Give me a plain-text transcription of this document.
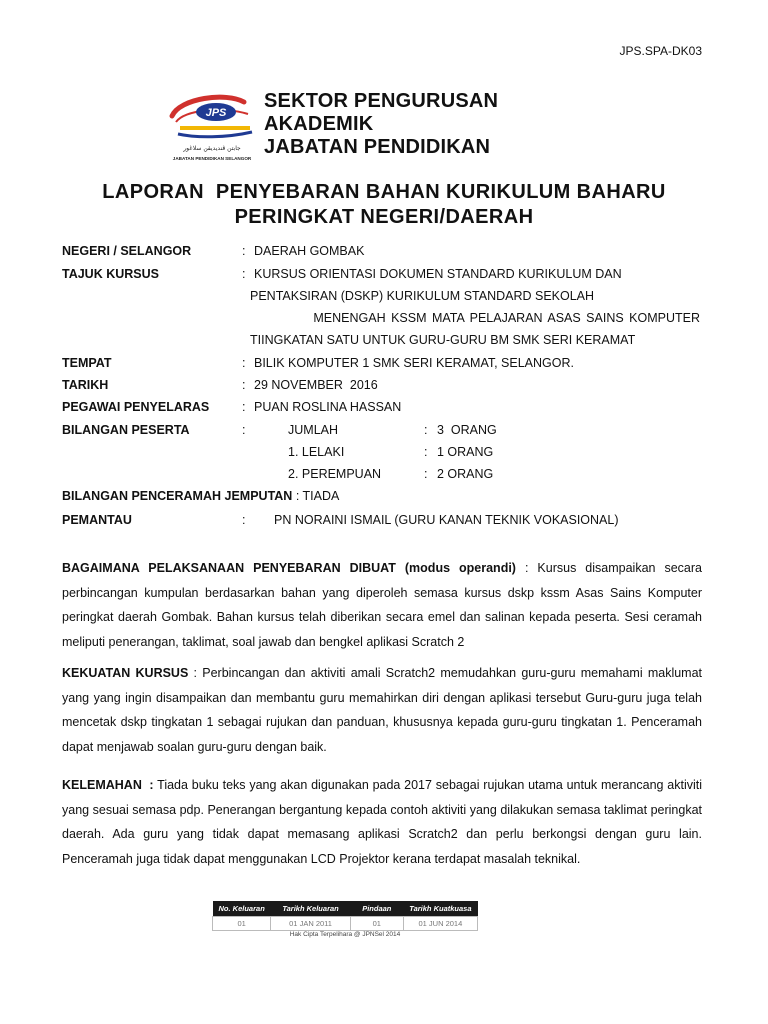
JPS.SPA-DK03
JPS
جابتن ڤنديديقن سلاڠور
JABATAN PENDIDIKAN SELANGOR
SEKTOR PENGURUSAN
AKADEMIK
JABATAN PENDIDIKAN
LAPORAN  PENYEBARAN BAHAN KURIKULUM BAHARU
PERINGKAT NEGERI/DAERAH
NEGERI / SELANGOR	: DAERAH GOMBAK
TAJUK KURSUS	: KURSUS ORIENTASI DOKUMEN STANDARD KURIKULUM DAN
PENTAKSIRAN (DSKP) KURIKULUM STANDARD SEKOLAH
MENENGAH KSSM MATA PELAJARAN ASAS SAINS KOMPUTER
TIINGKATAN SATU UNTUK GURU-GURU BM SMK SERI KERAMAT
TEMPAT	: BILIK KOMPUTER 1 SMK SERI KERAMAT, SELANGOR.
TARIKH	: 29 NOVEMBER  2016
PEGAWAI PENYELARAS	: PUAN ROSLINA HASSAN
BILANGAN PESERTA	:	JUMLAH	: 3  ORANG
1. LELAKI	: 1 ORANG
2. PEREMPUAN	: 2 ORANG
BILANGAN PENCERAMAH JEMPUTAN : TIADA
PEMANTAU	: PN NORAINI ISMAIL (GURU KANAN TEKNIK VOKASIONAL)
BAGAIMANA PELAKSANAAN PENYEBARAN DIBUAT (modus operandi) : Kursus disampaikan secara perbincangan kumpulan berdasarkan bahan yang diperoleh semasa kursus dskp kssm Asas Sains Komputer peringkat daerah Gombak. Bahan kursus telah diberikan secara emel dan salinan kepada peserta. Sesi ceramah meliputi penerangan, taklimat, soal jawab dan bengkel aplikasi Scratch 2
KEKUATAN KURSUS : Perbincangan dan aktiviti amali Scratch2 memudahkan guru-guru memahami maklumat yang yang ingin disampaikan dan membantu guru memahirkan diri dengan aplikasi tersebut Guru-guru juga telah mencetak dskp tingkatan 1 sebagai rujukan dan panduan, khususnya kepada guru-guru tingkatan 1. Penceramah dapat menjawab soalan guru-guru dengan baik.
KELEMAHAN  : Tiada buku teks yang akan digunakan pada 2017 sebagai rujukan utama untuk merancang aktiviti yang sesuai semasa pdp. Penerangan bergantung kepada contoh aktiviti yang dilakukan semasa taklimat peringkat daerah. Ada guru yang tidak dapat memasang aplikasi Scratch2 dan perlu berkongsi dengan guru lain. Penceramah juga tidak dapat menggunakan LCD Projektor kerana terdapat masalah teknikal.
No. Keluaran	Tarikh Keluaran	Pindaan	Tarikh Kuatkuasa
01	01 JAN 2011	01	01 JUN 2014
Hak Cipta Terpelihara @ JPNSel 2014
